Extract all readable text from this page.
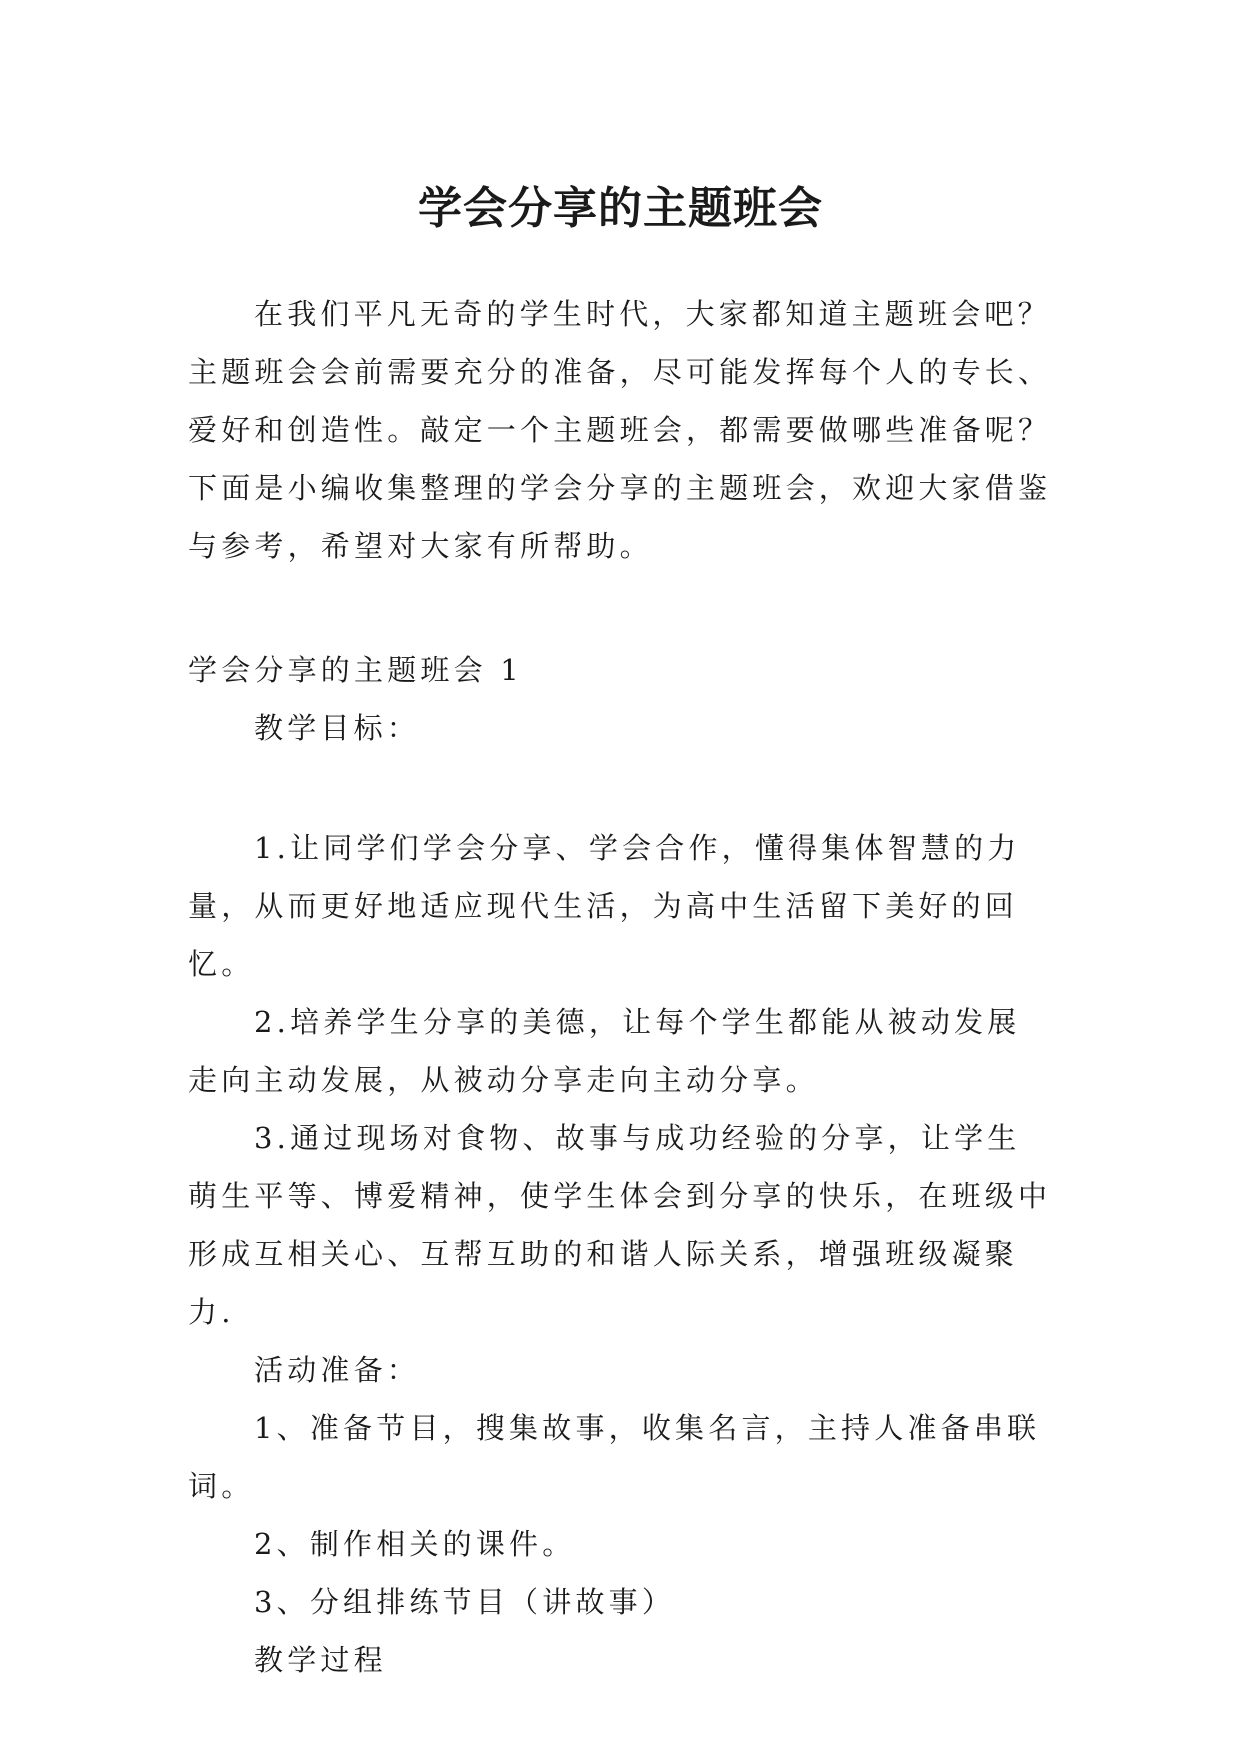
学会分享的主题班会

在我们平凡无奇的学生时代，大家都知道主题班会吧？主题班会会前需要充分的准备，尽可能发挥每个人的专长、爱好和创造性。敲定一个主题班会，都需要做哪些准备呢？下面是小编收集整理的学会分享的主题班会，欢迎大家借鉴与参考，希望对大家有所帮助。

学会分享的主题班会 1

教学目标：

1.让同学们学会分享、学会合作，懂得集体智慧的力量，从而更好地适应现代生活，为高中生活留下美好的回忆。

2.培养学生分享的美德，让每个学生都能从被动发展走向主动发展，从被动分享走向主动分享。

3.通过现场对食物、故事与成功经验的分享，让学生萌生平等、博爱精神，使学生体会到分享的快乐，在班级中形成互相关心、互帮互助的和谐人际关系，增强班级凝聚力.

活动准备：

1、准备节目，搜集故事，收集名言，主持人准备串联词。

2、制作相关的课件。

3、分组排练节目（讲故事）

教学过程
